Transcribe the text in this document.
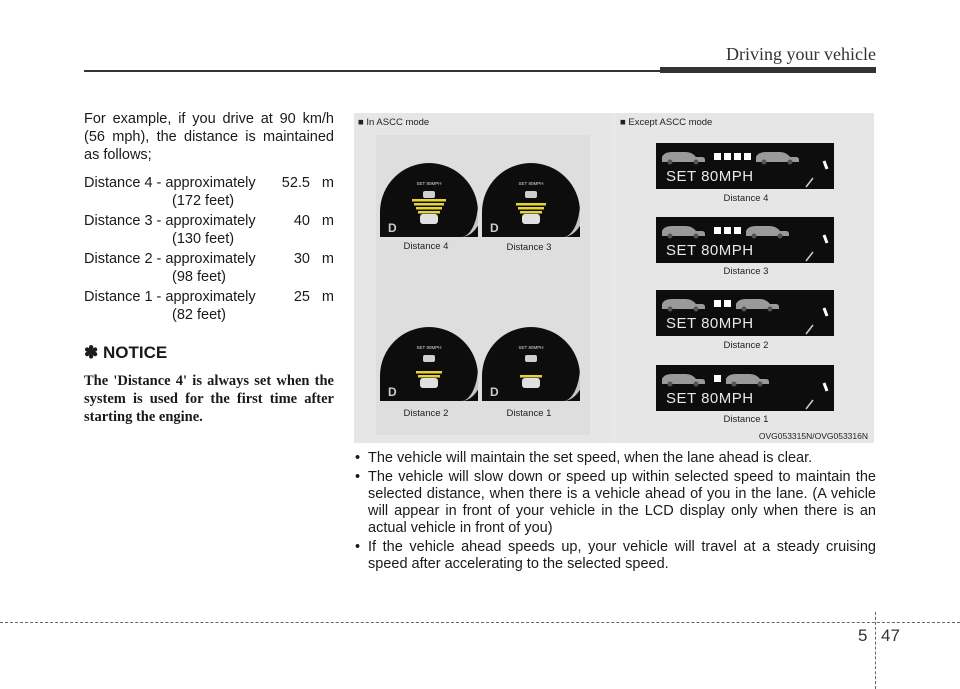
Driving your vehicle

For example, if you drive at 90 km/h (56 mph), the distance is maintained as follows;

Distance 4 - approximately	52.5 m
(172 feet)
Distance 3 - approximately	40 m
(130 feet)
Distance 2 - approximately	30 m
(98 feet)
Distance 1 - approximately	25 m
(82 feet)
✽ NOTICE
The 'Distance 4' is always set when the system is used for the first time after starting the engine.
■ In ASCC mode
SET 80MPH
D
SET 80MPH
D
Distance 4	Distance 3
SET 80MPH
D
SET 80MPH
D
Distance 2	Distance 1
■ Except ASCC mode
SET 80MPH
Distance 4
SET 80MPH
Distance 3
SET 80MPH
Distance 2
SET 80MPH
Distance 1
OVG053315N/OVG053316N
• The vehicle will maintain the set speed, when the lane ahead is clear.
• The vehicle will slow down or speed up within selected speed to maintain the selected distance, when there is a vehicle ahead of you in the lane. (A vehicle will appear in front of your vehicle in the LCD display only when there is an actual vehicle in front of you)
• If the vehicle ahead speeds up, your vehicle will travel at a steady cruising speed after accelerating to the selected speed.
5 47
